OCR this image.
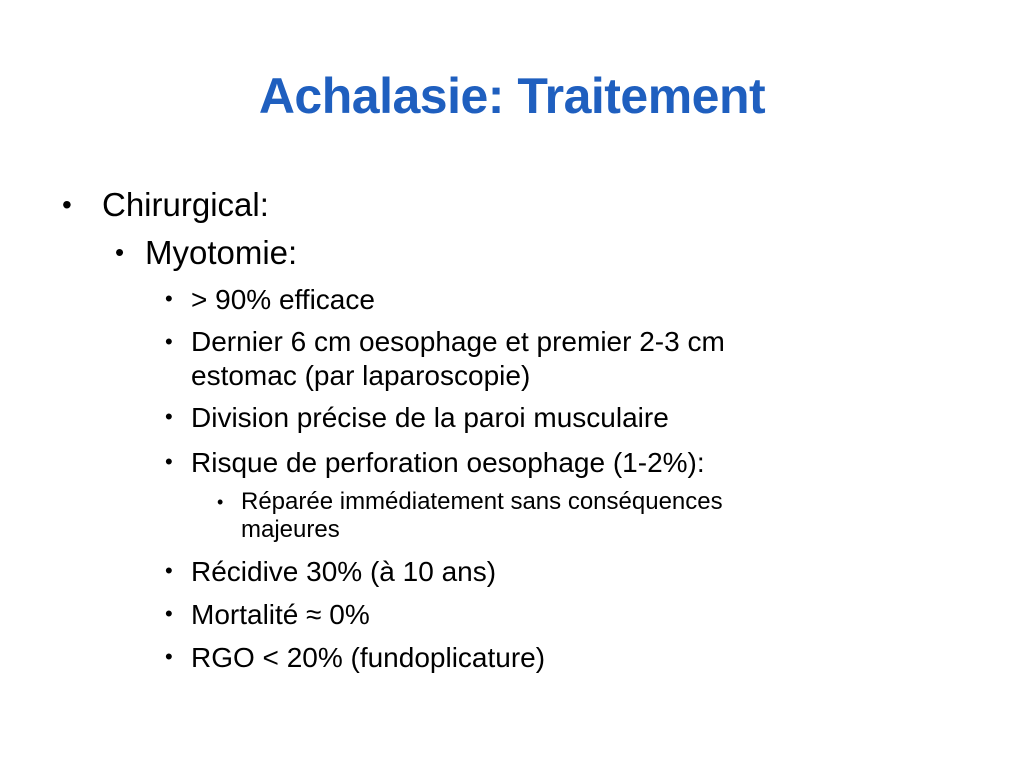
Achalasie: Traitement
• Chirurgical:
• Myotomie:
• > 90% efficace
• Dernier 6 cm oesophage et premier 2-3 cm
estomac (par laparoscopie)
• Division précise de la paroi musculaire
• Risque de perforation oesophage (1-2%):
• Réparée immédiatement sans conséquences
majeures
• Récidive 30% (à 10 ans)
• Mortalité ≈ 0%
• RGO < 20% (fundoplicature)
